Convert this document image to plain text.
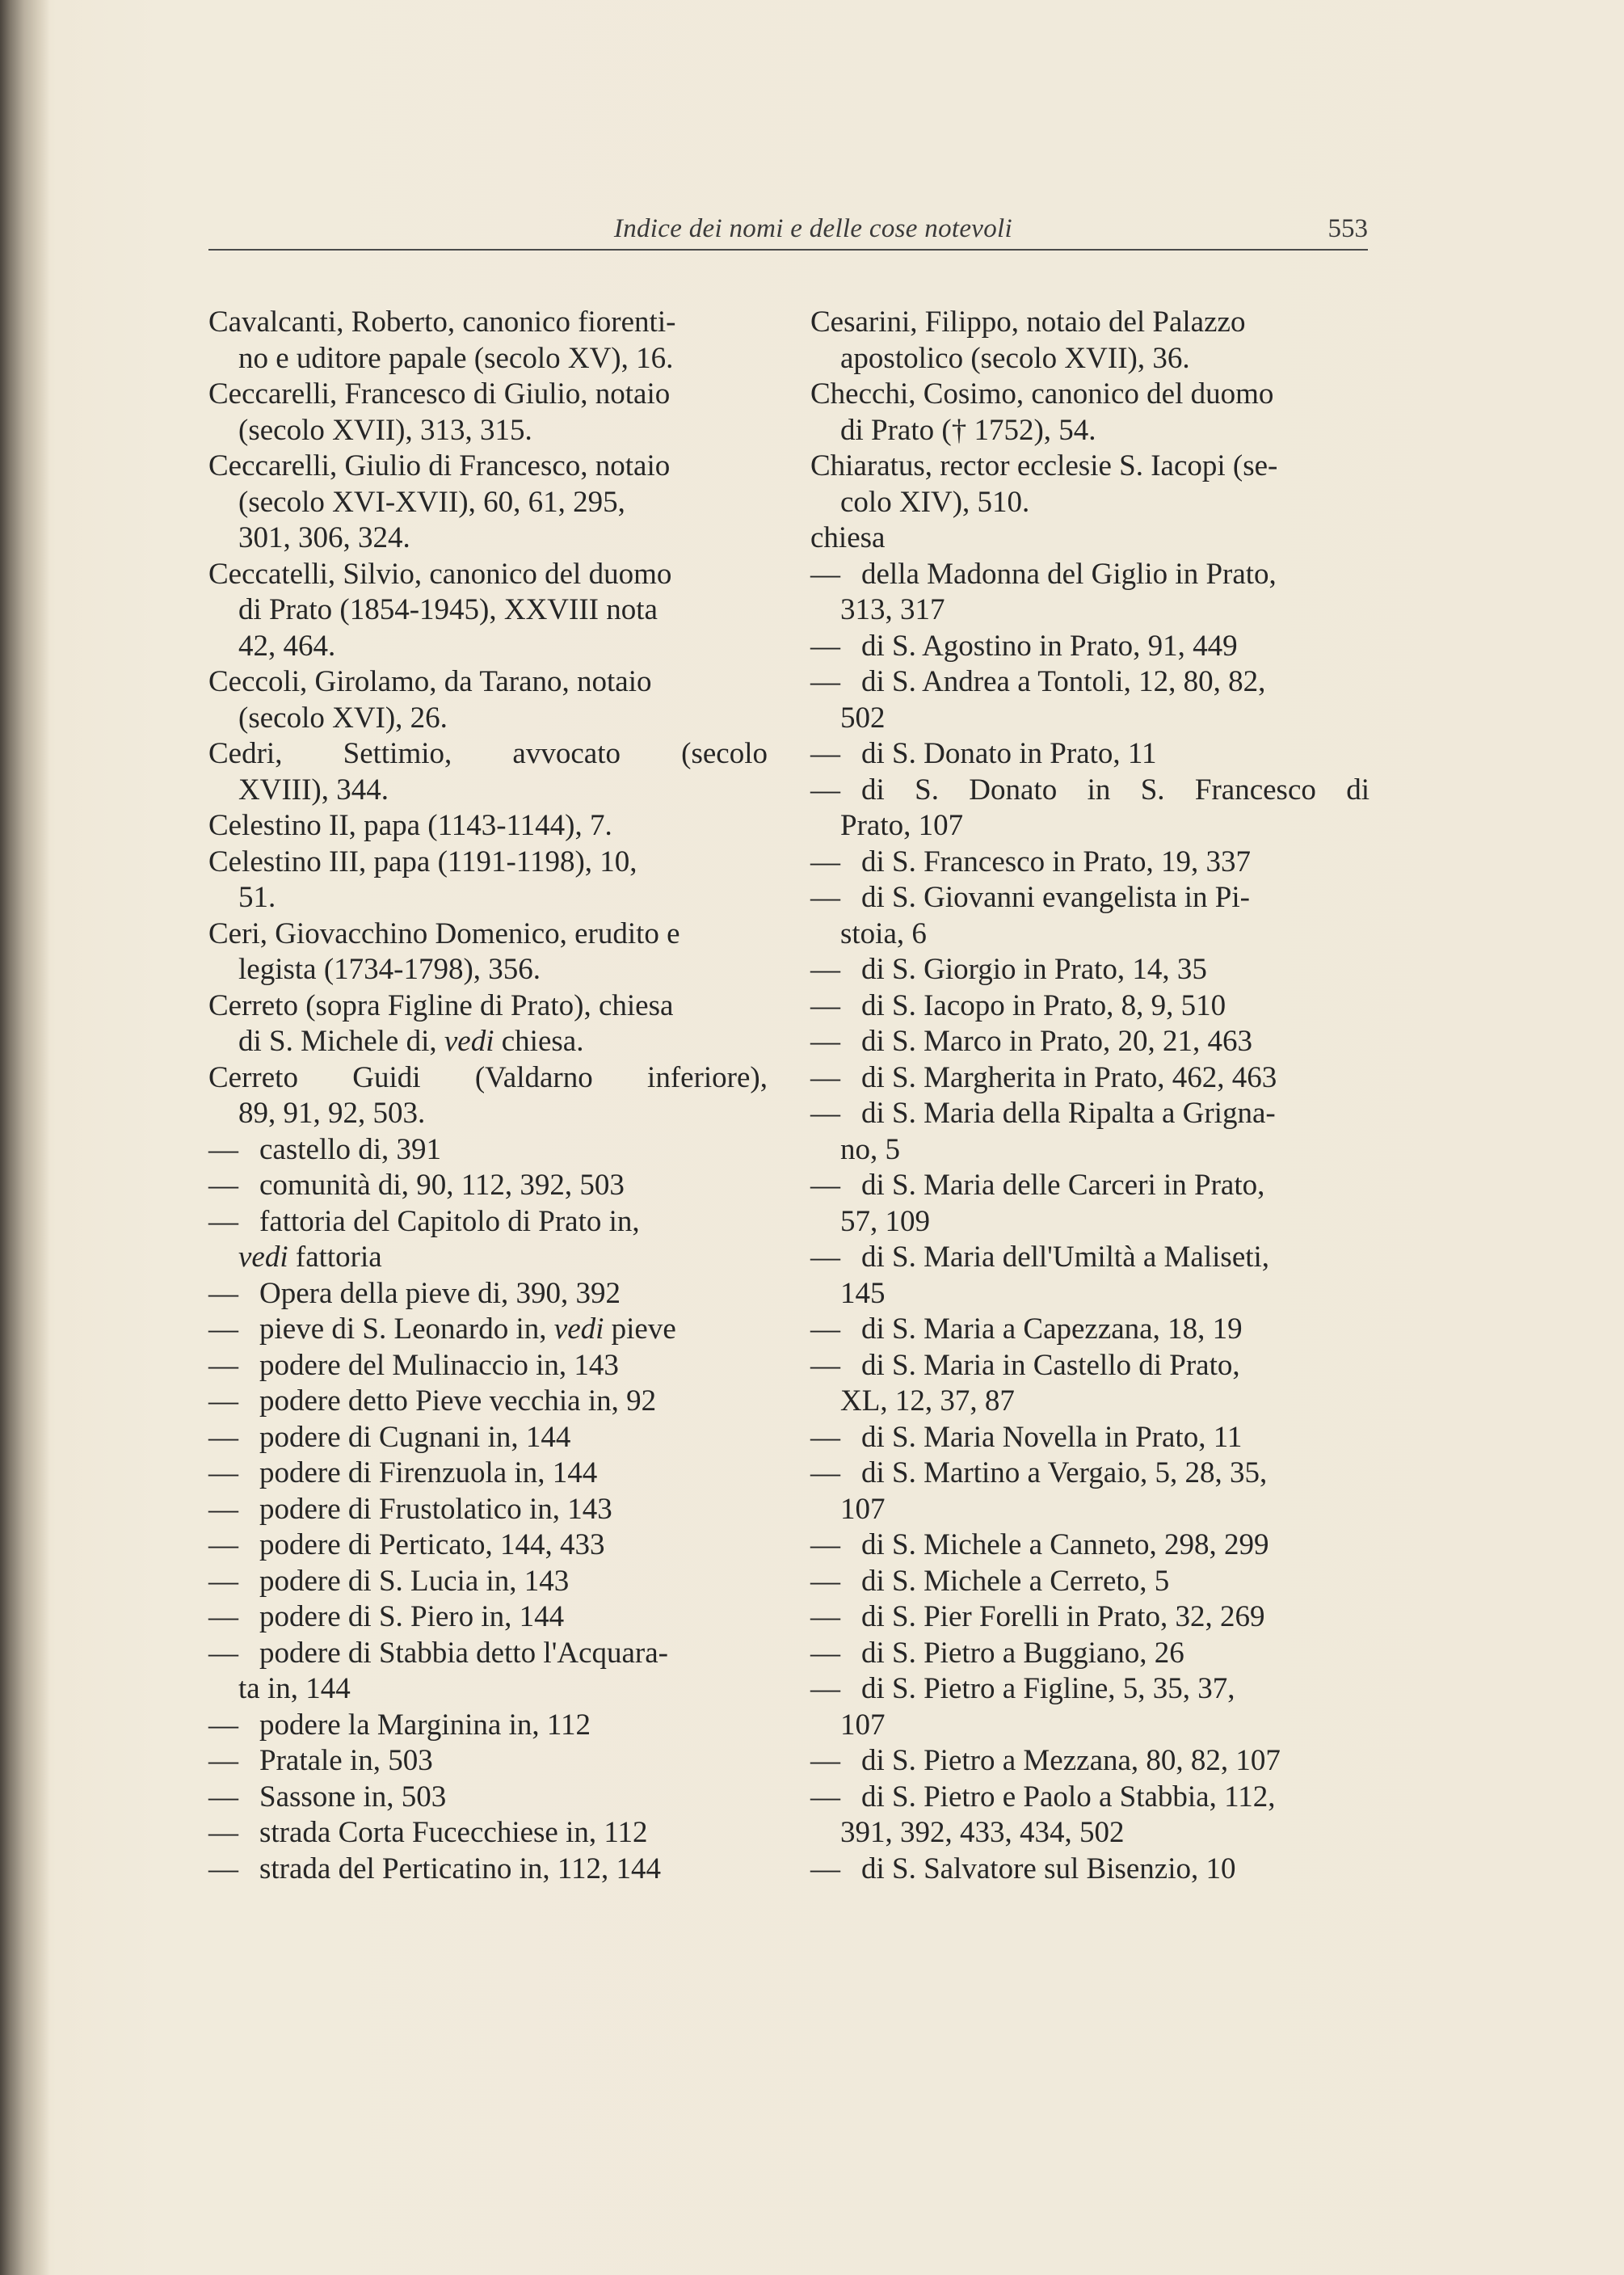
Indice dei nomi e delle cose notevoli	553
Cavalcanti, Roberto, canonico fiorenti-
no e uditore papale (secolo XV), 16.
Ceccarelli, Francesco di Giulio, notaio
(secolo XVII), 313, 315.
Ceccarelli, Giulio di Francesco, notaio
(secolo XVI-XVII), 60, 61, 295,
301, 306, 324.
Ceccatelli, Silvio, canonico del duomo
di Prato (1854-1945), XXVIII nota
42, 464.
Ceccoli, Girolamo, da Tarano, notaio
(secolo XVI), 26.
Cedri, Settimio, avvocato (secolo
XVIII), 344.
Celestino II, papa (1143-1144), 7.
Celestino III, papa (1191-1198), 10,
51.
Ceri, Giovacchino Domenico, erudito e
legista (1734-1798), 356.
Cerreto (sopra Figline di Prato), chiesa
di S. Michele di, vedi chiesa.
Cerreto Guidi (Valdarno inferiore),
89, 91, 92, 503.
— castello di, 391
— comunità di, 90, 112, 392, 503
— fattoria del Capitolo di Prato in,
vedi fattoria
— Opera della pieve di, 390, 392
— pieve di S. Leonardo in, vedi pieve
— podere del Mulinaccio in, 143
— podere detto Pieve vecchia in, 92
— podere di Cugnani in, 144
— podere di Firenzuola in, 144
— podere di Frustolatico in, 143
— podere di Perticato, 144, 433
— podere di S. Lucia in, 143
— podere di S. Piero in, 144
— podere di Stabbia detto l'Acquara-
ta in, 144
— podere la Marginina in, 112
— Pratale in, 503
— Sassone in, 503
— strada Corta Fucecchiese in, 112
— strada del Perticatino in, 112, 144
Cesarini, Filippo, notaio del Palazzo
apostolico (secolo XVII), 36.
Checchi, Cosimo, canonico del duomo
di Prato († 1752), 54.
Chiaratus, rector ecclesie S. Iacopi (se-
colo XIV), 510.
chiesa
— della Madonna del Giglio in Prato,
313, 317
— di S. Agostino in Prato, 91, 449
— di S. Andrea a Tontoli, 12, 80, 82,
502
— di S. Donato in Prato, 11
— di S. Donato in S. Francesco di
Prato, 107
— di S. Francesco in Prato, 19, 337
— di S. Giovanni evangelista in Pi-
stoia, 6
— di S. Giorgio in Prato, 14, 35
— di S. Iacopo in Prato, 8, 9, 510
— di S. Marco in Prato, 20, 21, 463
— di S. Margherita in Prato, 462, 463
— di S. Maria della Ripalta a Grigna-
no, 5
— di S. Maria delle Carceri in Prato,
57, 109
— di S. Maria dell'Umiltà a Maliseti,
145
— di S. Maria a Capezzana, 18, 19
— di S. Maria in Castello di Prato,
XL, 12, 37, 87
— di S. Maria Novella in Prato, 11
— di S. Martino a Vergaio, 5, 28, 35,
107
— di S. Michele a Canneto, 298, 299
— di S. Michele a Cerreto, 5
— di S. Pier Forelli in Prato, 32, 269
— di S. Pietro a Buggiano, 26
— di S. Pietro a Figline, 5, 35, 37,
107
— di S. Pietro a Mezzana, 80, 82, 107
— di S. Pietro e Paolo a Stabbia, 112,
391, 392, 433, 434, 502
— di S. Salvatore sul Bisenzio, 10
